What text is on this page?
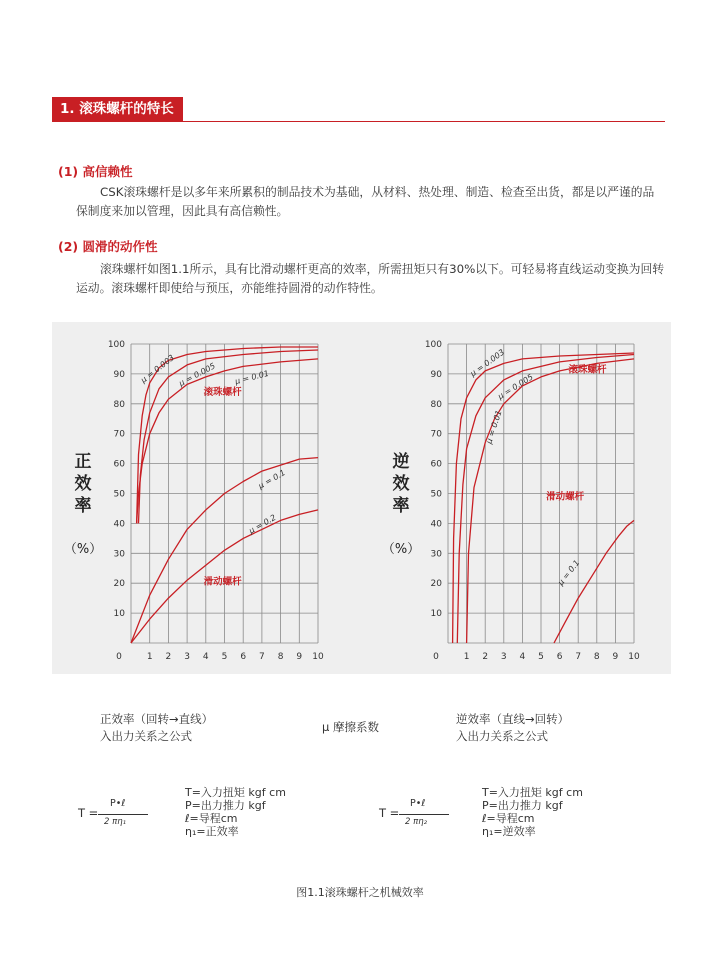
1. 滚珠螺杆的特长
(1) 高信赖性

CSK滚珠螺杆是以多年来所累积的制品技术为基础，从材料、热处理、制造、检查至出货，都是以严谨的品保制度来加以管理，因此具有高信赖性。

(2) 圆滑的动作性

滚珠螺杆如图1.1所示，具有比滑动螺杆更高的效率，所需扭矩只有30%以下。可轻易将直线运动变换为回转运动。滚珠螺杆即使给与预压，亦能维持圆滑的动作特性。

0	1 2 3 4 5 6 7 8 9 10
10
20
30
40
50
60
70
80
90
100
正
效
率
（%）
μ = 0.003 μ = 0.005 μ = 0.01
μ = 0.1
μ = 0.2
滚珠螺杆
滑动螺杆
0	1 2 3 4 5 6 7 8 9 10
10
20
30
40
50
60
70
80
90
100
逆
效
率
（%）
μ = 0.003
μ = 0.005
μ = 0.01
μ = 0.1
滚珠螺杆
滑动螺杆
正效率（回转→直线）
入出力关系之公式
μ 摩擦系数
逆效率（直线→回转）
入出力关系之公式
T =
P•ℓ
2 πη₁
T=入力扭矩 kgf cm
P=出力推力 kgf
ℓ=导程cm
η₁=正效率
T =
P•ℓ
2 πη₂
T=入力扭矩 kgf cm
P=出力推力 kgf
ℓ=导程cm
η₁=逆效率
图1.1滚珠螺杆之机械效率
